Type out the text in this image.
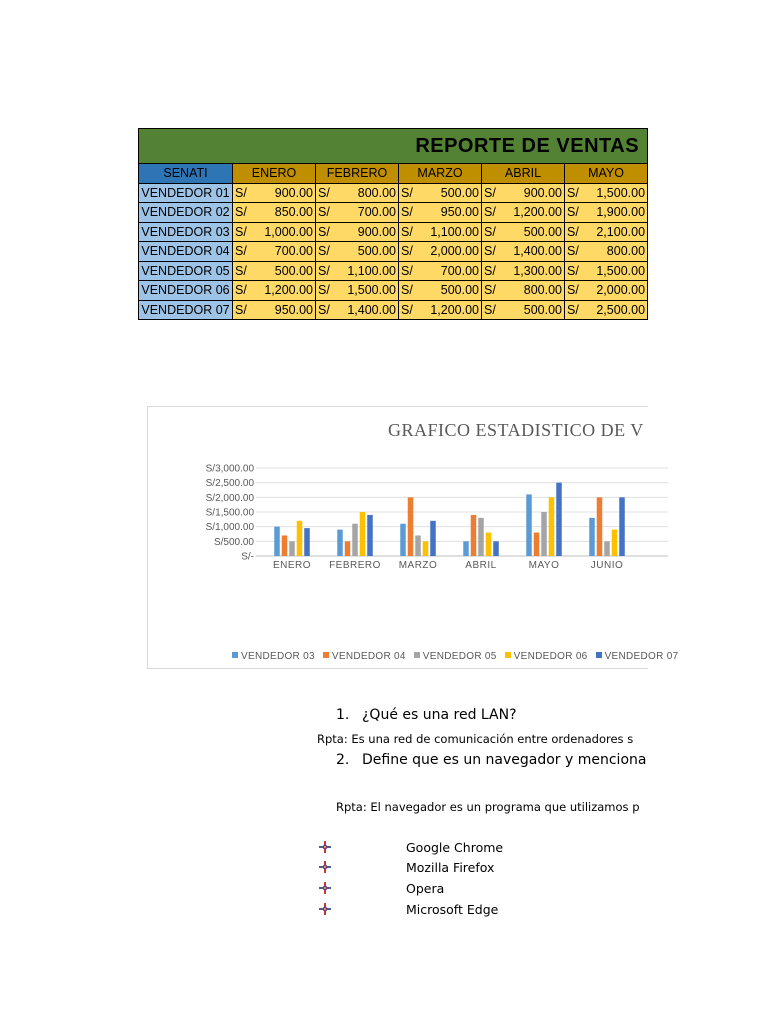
REPORTE DE VENTAS					

SENATI	ENERO	FEBRERO	MARZO	ABRIL	MAYO
VENDEDOR 01	S/ 900.00	S/ 800.00	S/ 500.00	S/ 900.00	S/ 1,500.00

VENDEDOR 02	S/ 850.00	S/ 700.00	S/ 950.00	S/ 1,200.00	S/ 1,900.00

VENDEDOR 03	S/ 1,000.00	S/ 900.00	S/ 1,100.00	S/ 500.00	S/ 2,100.00

VENDEDOR 04	S/ 700.00	S/ 500.00	S/ 2,000.00	S/ 1,400.00	S/ 800.00

VENDEDOR 05	S/ 500.00	S/ 1,100.00	S/ 700.00	S/ 1,300.00	S/ 1,500.00

VENDEDOR 06	S/ 1,200.00	S/ 1,500.00	S/ 500.00	S/ 800.00	S/ 2,000.00

VENDEDOR 07	S/ 950.00	S/ 1,400.00	S/ 1,200.00	S/ 500.00	S/ 2,500.00
GRAFICO ESTADISTICO DE V
S/3,000.00
S/2,500.00
S/2,000.00
S/1,500.00
S/1,000.00
S/500.00
S/-
ENERO FEBRERO MARZO	ABRIL	MAYO	JUNIO
VENDEDOR 03 VENDEDOR 04 VENDEDOR 05 VENDEDOR 06 VENDEDOR 07
1. ¿Qué es una red LAN?
Rpta: Es una red de comunicación entre ordenadores s
2. Define que es un navegador y menciona
Rpta: El navegador es un programa que utilizamos p
Google Chrome
Mozilla Firefox
Opera
Microsoft Edge
